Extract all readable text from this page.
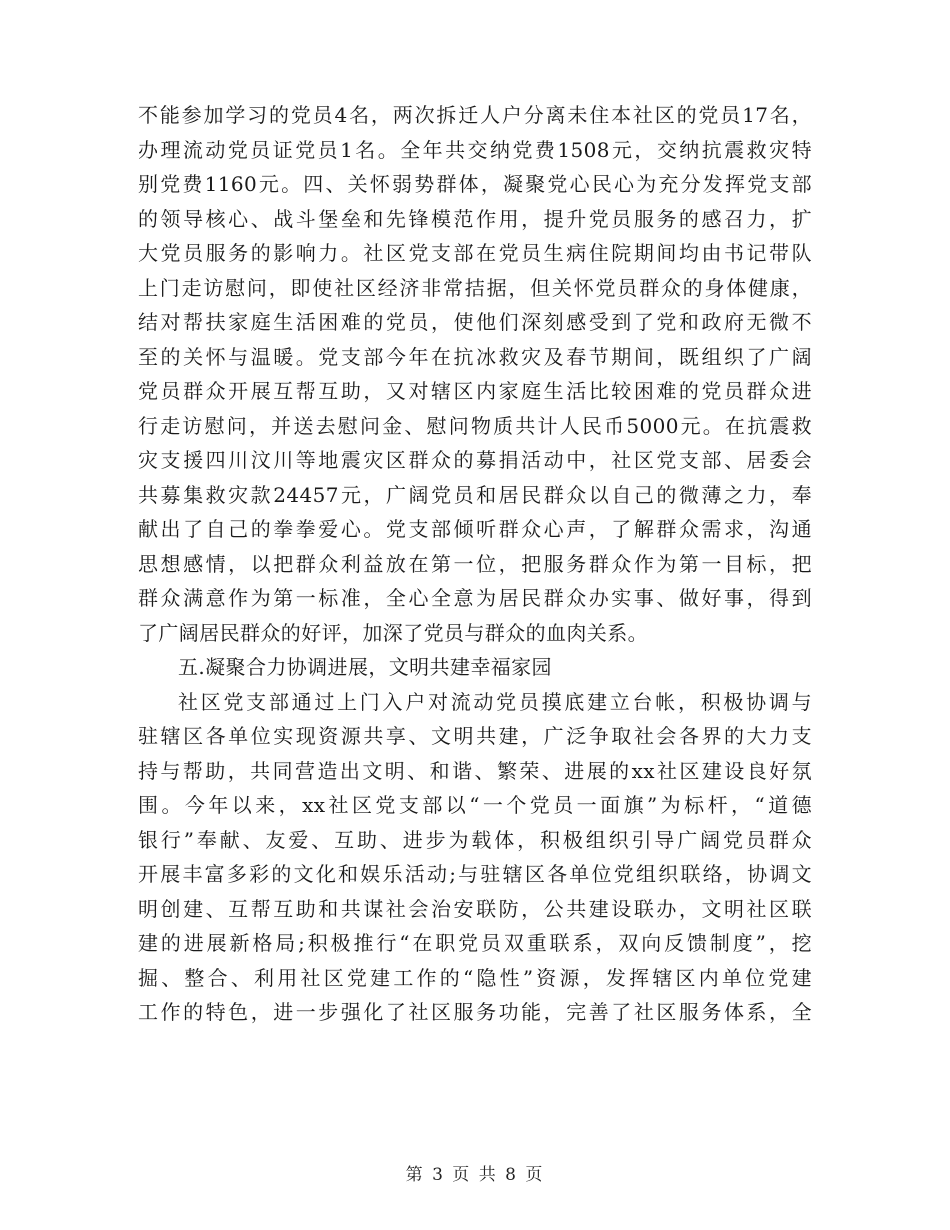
不能参加学习的党员4名，两次拆迁人户分离未住本社区的党员17名，
办理流动党员证党员1名。全年共交纳党费1508元，交纳抗震救灾特
别党费1160元。四、关怀弱势群体，凝聚党心民心为充分发挥党支部
的领导核心、战斗堡垒和先锋模范作用，提升党员服务的感召力，扩
大党员服务的影响力。社区党支部在党员生病住院期间均由书记带队
上门走访慰问，即使社区经济非常拮据，但关怀党员群众的身体健康，
结对帮扶家庭生活困难的党员，使他们深刻感受到了党和政府无微不
至的关怀与温暖。党支部今年在抗冰救灾及春节期间，既组织了广阔
党员群众开展互帮互助，又对辖区内家庭生活比较困难的党员群众进
行走访慰问，并送去慰问金、慰问物质共计人民币5000元。在抗震救
灾支援四川汶川等地震灾区群众的募捐活动中，社区党支部、居委会
共募集救灾款24457元，广阔党员和居民群众以自己的微薄之力，奉
献出了自己的拳拳爱心。党支部倾听群众心声，了解群众需求，沟通
思想感情，以把群众利益放在第一位，把服务群众作为第一目标，把
群众满意作为第一标准，全心全意为居民群众办实事、做好事，得到
了广阔居民群众的好评，加深了党员与群众的血肉关系。
五.凝聚合力协调进展，文明共建幸福家园
社区党支部通过上门入户对流动党员摸底建立台帐，积极协调与
驻辖区各单位实现资源共享、文明共建，广泛争取社会各界的大力支
持与帮助，共同营造出文明、和谐、繁荣、进展的xx社区建设良好氛
围。今年以来，xx社区党支部以“一个党员一面旗”为标杆，“道德
银行”奉献、友爱、互助、进步为载体，积极组织引导广阔党员群众
开展丰富多彩的文化和娱乐活动;与驻辖区各单位党组织联络，协调文
明创建、互帮互助和共谋社会治安联防，公共建设联办，文明社区联
建的进展新格局;积极推行“在职党员双重联系，双向反馈制度”，挖
掘、整合、利用社区党建工作的“隐性”资源，发挥辖区内单位党建
工作的特色，进一步强化了社区服务功能，完善了社区服务体系，全
第 3 页 共 8 页
